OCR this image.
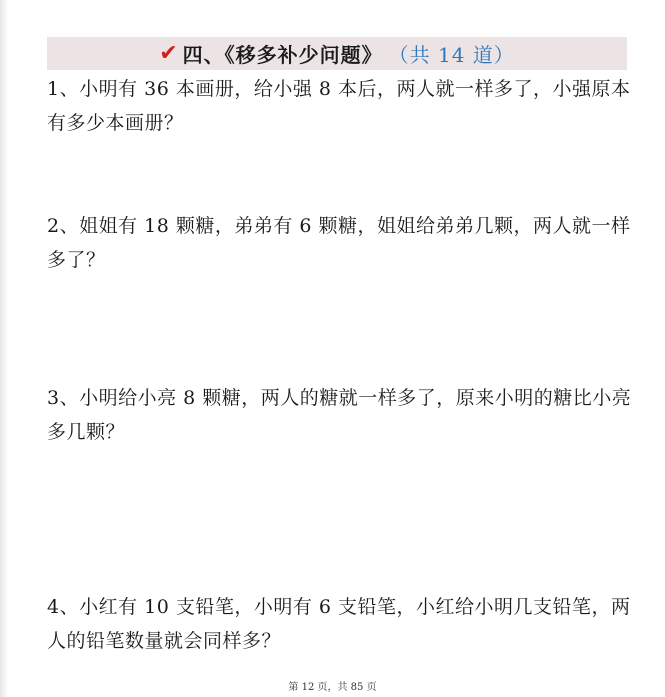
✔ 四、《移多补少问题》 （共 14 道）
1、小明有 36 本画册，给小强 8 本后，两人就一样多了，小强原本有多少本画册？
2、姐姐有 18 颗糖，弟弟有 6 颗糖，姐姐给弟弟几颗，两人就一样多了？
3、小明给小亮 8 颗糖，两人的糖就一样多了，原来小明的糖比小亮多几颗？
4、小红有 10 支铅笔，小明有 6 支铅笔，小红给小明几支铅笔，两人的铅笔数量就会同样多？
第 12 页，共 85 页
